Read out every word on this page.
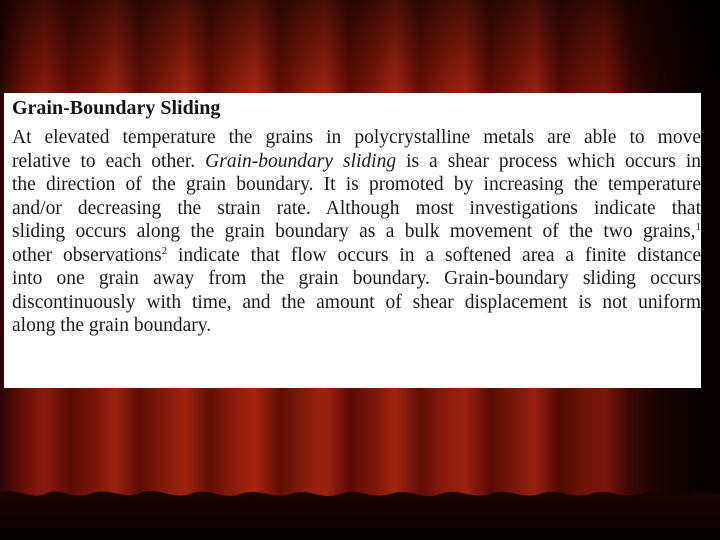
Grain-Boundary Sliding

At elevated temperature the grains in polycrystalline metals are able to move
relative to each other. Grain-boundary sliding is a shear process which occurs in
the direction of the grain boundary. It is promoted by increasing the temperature
and/or decreasing the strain rate. Although most investigations indicate that
sliding occurs along the grain boundary as a bulk movement of the two grains,$^1$
other observations$^2$ indicate that flow occurs in a softened area a finite distance
into one grain away from the grain boundary. Grain-boundary sliding occurs
discontinuously with time, and the amount of shear displacement is not uniform
along the grain boundary.
